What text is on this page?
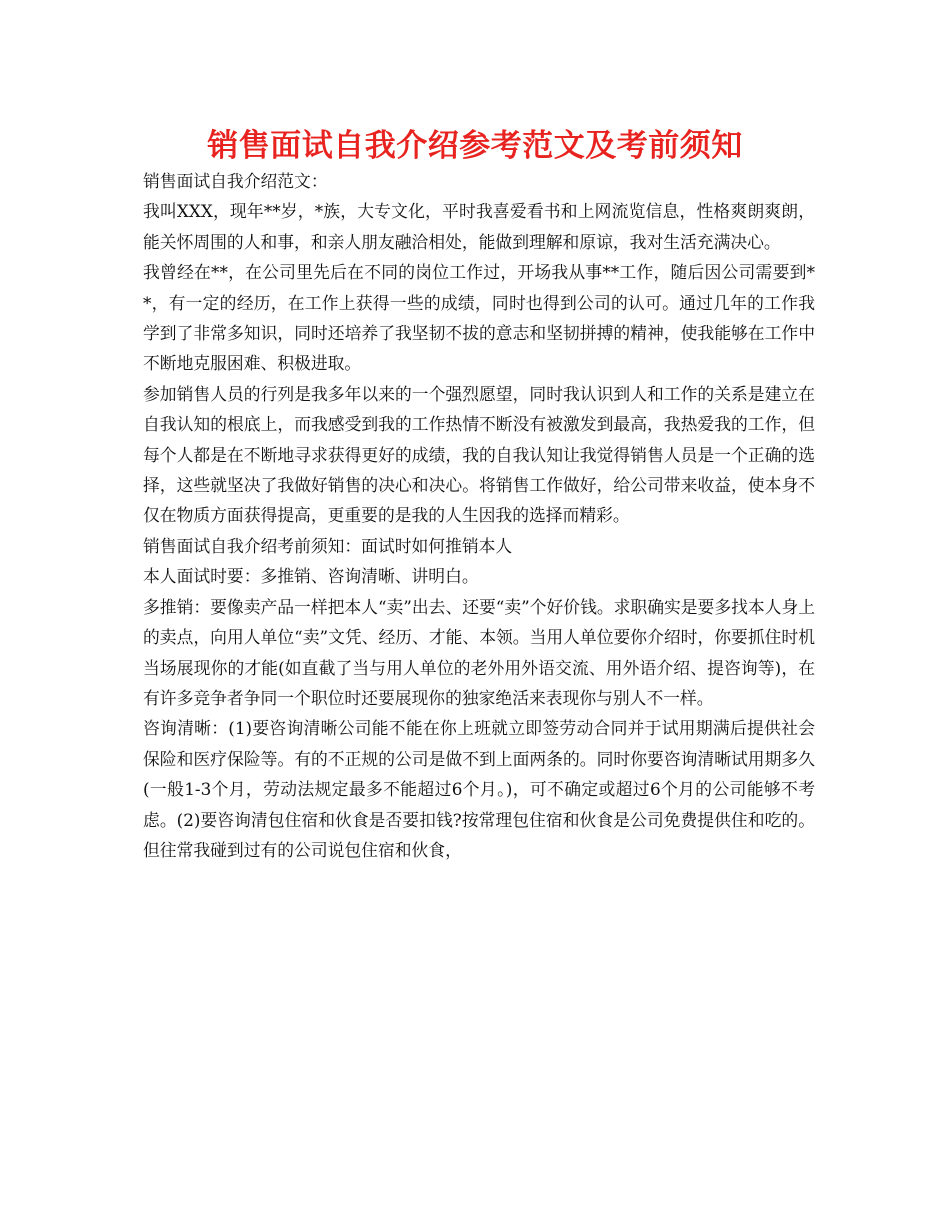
销售面试自我介绍参考范文及考前须知

销售面试自我介绍范文：

我叫XXX，现年**岁，*族，大专文化，平时我喜爱看书和上网流览信息，性格爽朗爽朗，能关怀周围的人和事，和亲人朋友融洽相处，能做到理解和原谅，我对生活充满决心。

我曾经在**，在公司里先后在不同的岗位工作过，开场我从事**工作，随后因公司需要到**，有一定的经历，在工作上获得一些的成绩，同时也得到公司的认可。通过几年的工作我学到了非常多知识，同时还培养了我坚韧不拔的意志和坚韧拼搏的精神，使我能够在工作中不断地克服困难、积极进取。

参加销售人员的行列是我多年以来的一个强烈愿望，同时我认识到人和工作的关系是建立在自我认知的根底上，而我感受到我的工作热情不断没有被激发到最高，我热爱我的工作，但每个人都是在不断地寻求获得更好的成绩，我的自我认知让我觉得销售人员是一个正确的选择，这些就坚决了我做好销售的决心和决心。将销售工作做好，给公司带来收益，使本身不仅在物质方面获得提高，更重要的是我的人生因我的选择而精彩。

销售面试自我介绍考前须知：面试时如何推销本人

本人面试时要：多推销、咨询清晰、讲明白。

多推销：要像卖产品一样把本人“卖”出去、还要“卖”个好价钱。求职确实是要多找本人身上的卖点，向用人单位“卖”文凭、经历、才能、本领。当用人单位要你介绍时，你要抓住时机当场展现你的才能(如直截了当与用人单位的老外用外语交流、用外语介绍、提咨询等)，在有许多竞争者争同一个职位时还要展现你的独家绝活来表现你与别人不一样。

咨询清晰：(1)要咨询清晰公司能不能在你上班就立即签劳动合同并于试用期满后提供社会保险和医疗保险等。有的不正规的公司是做不到上面两条的。同时你要咨询清晰试用期多久(一般1-3个月，劳动法规定最多不能超过6个月。)，可不确定或超过6个月的公司能够不考虑。(2)要咨询清包住宿和伙食是否要扣钱?按常理包住宿和伙食是公司免费提供住和吃的。但往常我碰到过有的公司说包住宿和伙食，
